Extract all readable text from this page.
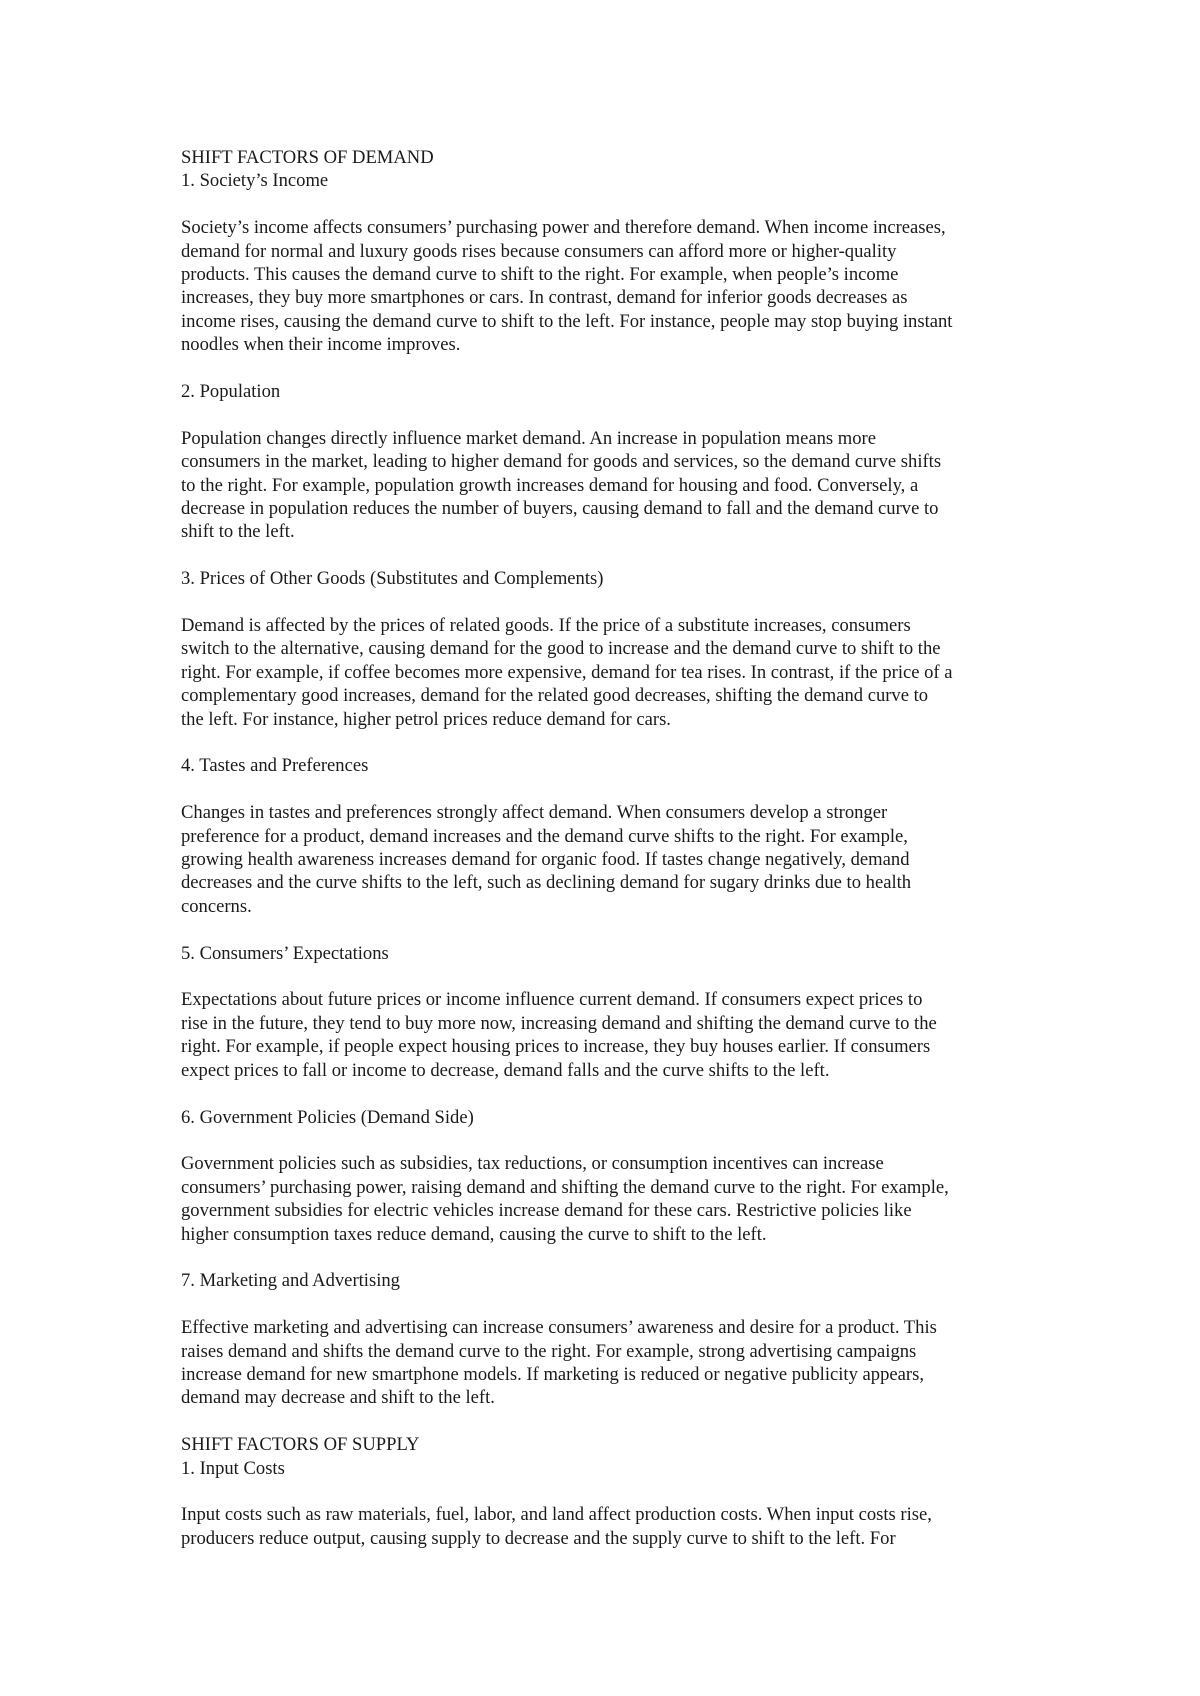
SHIFT FACTORS OF DEMAND

1. Society’s Income

Society’s income affects consumers’ purchasing power and therefore demand. When income increases,
demand for normal and luxury goods rises because consumers can afford more or higher-quality
products. This causes the demand curve to shift to the right. For example, when people’s income
increases, they buy more smartphones or cars. In contrast, demand for inferior goods decreases as
income rises, causing the demand curve to shift to the left. For instance, people may stop buying instant
noodles when their income improves.

2. Population

Population changes directly influence market demand. An increase in population means more
consumers in the market, leading to higher demand for goods and services, so the demand curve shifts
to the right. For example, population growth increases demand for housing and food. Conversely, a
decrease in population reduces the number of buyers, causing demand to fall and the demand curve to
shift to the left.

3. Prices of Other Goods (Substitutes and Complements)

Demand is affected by the prices of related goods. If the price of a substitute increases, consumers
switch to the alternative, causing demand for the good to increase and the demand curve to shift to the
right. For example, if coffee becomes more expensive, demand for tea rises. In contrast, if the price of a
complementary good increases, demand for the related good decreases, shifting the demand curve to
the left. For instance, higher petrol prices reduce demand for cars.

4. Tastes and Preferences

Changes in tastes and preferences strongly affect demand. When consumers develop a stronger
preference for a product, demand increases and the demand curve shifts to the right. For example,
growing health awareness increases demand for organic food. If tastes change negatively, demand
decreases and the curve shifts to the left, such as declining demand for sugary drinks due to health
concerns.

5. Consumers’ Expectations

Expectations about future prices or income influence current demand. If consumers expect prices to
rise in the future, they tend to buy more now, increasing demand and shifting the demand curve to the
right. For example, if people expect housing prices to increase, they buy houses earlier. If consumers
expect prices to fall or income to decrease, demand falls and the curve shifts to the left.

6. Government Policies (Demand Side)

Government policies such as subsidies, tax reductions, or consumption incentives can increase
consumers’ purchasing power, raising demand and shifting the demand curve to the right. For example,
government subsidies for electric vehicles increase demand for these cars. Restrictive policies like
higher consumption taxes reduce demand, causing the curve to shift to the left.

7. Marketing and Advertising

Effective marketing and advertising can increase consumers’ awareness and desire for a product. This
raises demand and shifts the demand curve to the right. For example, strong advertising campaigns
increase demand for new smartphone models. If marketing is reduced or negative publicity appears,
demand may decrease and shift to the left.

SHIFT FACTORS OF SUPPLY

1. Input Costs

Input costs such as raw materials, fuel, labor, and land affect production costs. When input costs rise,
producers reduce output, causing supply to decrease and the supply curve to shift to the left. For
